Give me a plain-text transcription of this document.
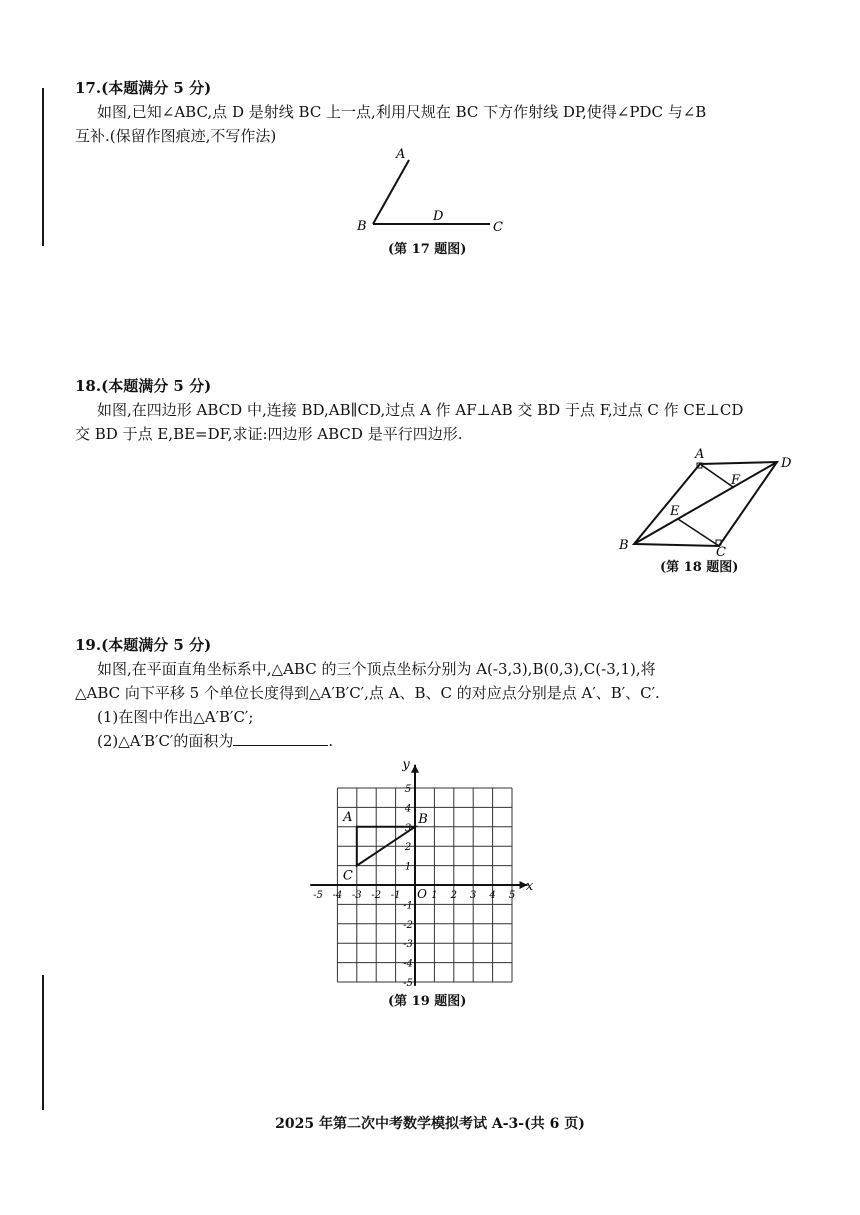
17.(本题满分 5 分)

如图,已知∠ABC,点 D 是射线 BC 上一点,利用尺规在 BC 下方作射线 DP,使得∠PDC 与∠B

互补.(保留作图痕迹,不写作法)

A
B
D
C
(第 17 题图)
18.(本题满分 5 分)

如图,在四边形 ABCD 中,连接 BD,AB∥CD,过点 A 作 AF⊥AB 交 BD 于点 F,过点 C 作 CE⊥CD

交 BD 于点 E,BE=DF,求证:四边形 ABCD 是平行四边形.

A
D
F
E
B	C
(第 18 题图)
19.(本题满分 5 分)

如图,在平面直角坐标系中,△ABC 的三个顶点坐标分别为 A(-3,3),B(0,3),C(-3,1),将

△ABC 向下平移 5 个单位长度得到△A′B′C′,点 A、B、C 的对应点分别是点 A′、B′、C′.

(1)在图中作出△A′B′C′;

(2)△A′B′C′的面积为	.

-5 -4 -3 -2 -1	1 2 3 4 5
5
4
3
2
1
-1
-2
-3
-4
-5
O	x
y
A	B
C
(第 19 题图)
2025 年第二次中考数学模拟考试 A-3-(共 6 页)
